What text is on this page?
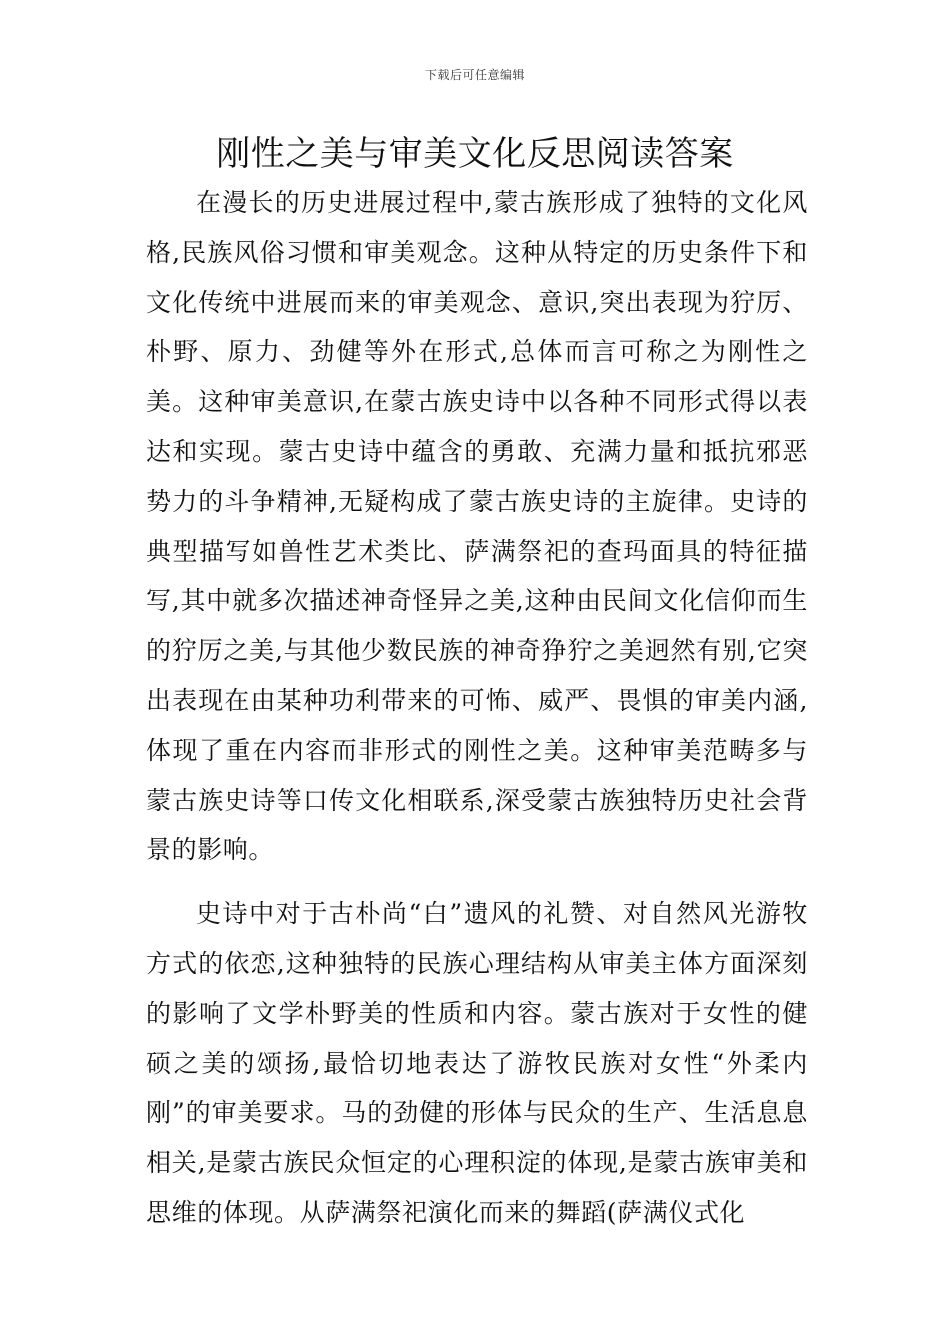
下载后可任意编辑
刚性之美与审美文化反思阅读答案

在漫长的历史进展过程中,蒙古族形成了独特的文化风格,民族风俗习惯和审美观念。这种从特定的历史条件下和文化传统中进展而来的审美观念、意识,突出表现为狞厉、朴野、原力、劲健等外在形式,总体而言可称之为刚性之美。这种审美意识,在蒙古族史诗中以各种不同形式得以表达和实现。蒙古史诗中蕴含的勇敢、充满力量和抵抗邪恶势力的斗争精神,无疑构成了蒙古族史诗的主旋律。史诗的典型描写如兽性艺术类比、萨满祭祀的查玛面具的特征描写,其中就多次描述神奇怪异之美,这种由民间文化信仰而生的狞厉之美,与其他少数民族的神奇狰狞之美迥然有别,它突出表现在由某种功利带来的可怖、威严、畏惧的审美内涵,体现了重在内容而非形式的刚性之美。这种审美范畴多与蒙古族史诗等口传文化相联系,深受蒙古族独特历史社会背景的影响。

史诗中对于古朴尚“白”遗风的礼赞、对自然风光游牧方式的依恋,这种独特的民族心理结构从审美主体方面深刻的影响了文学朴野美的性质和内容。蒙古族对于女性的健硕之美的颂扬,最恰切地表达了游牧民族对女性“外柔内刚”的审美要求。马的劲健的形体与民众的生产、生活息息相关,是蒙古族民众恒定的心理积淀的体现,是蒙古族审美和思维的体现。从萨满祭祀演化而来的舞蹈(萨满仪式化
